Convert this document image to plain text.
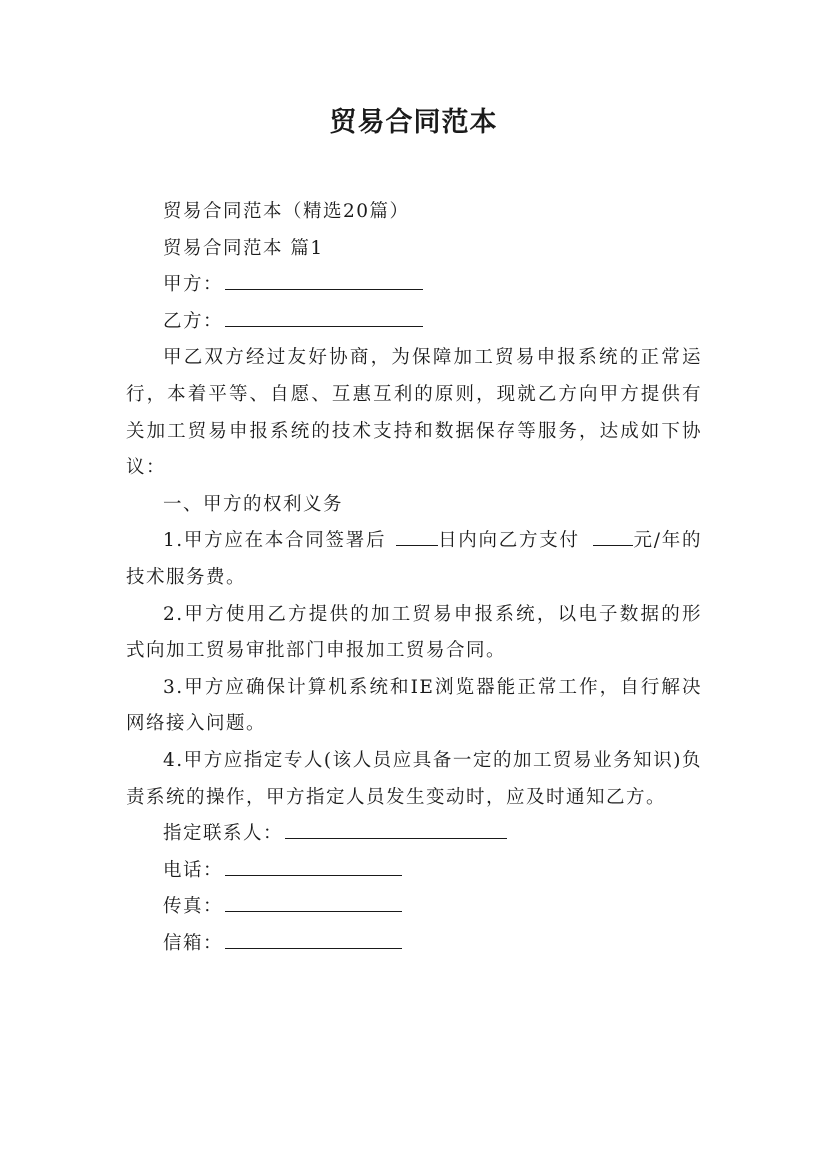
贸易合同范本

贸易合同范本（精选20篇）

贸易合同范本 篇1

甲方：

乙方：

甲乙双方经过友好协商，为保障加工贸易申报系统的正常运行，本着平等、自愿、互惠互利的原则，现就乙方向甲方提供有关加工贸易申报系统的技术支持和数据保存等服务，达成如下协议：

一、甲方的权利义务

1.甲方应在本合同签署后 日内向乙方支付 元/年的技术服务费。

2.甲方使用乙方提供的加工贸易申报系统，以电子数据的形式向加工贸易审批部门申报加工贸易合同。

3.甲方应确保计算机系统和IE浏览器能正常工作，自行解决网络接入问题。

4.甲方应指定专人(该人员应具备一定的加工贸易业务知识)负责系统的操作，甲方指定人员发生变动时，应及时通知乙方。

指定联系人：

电话：

传真：

信箱：
